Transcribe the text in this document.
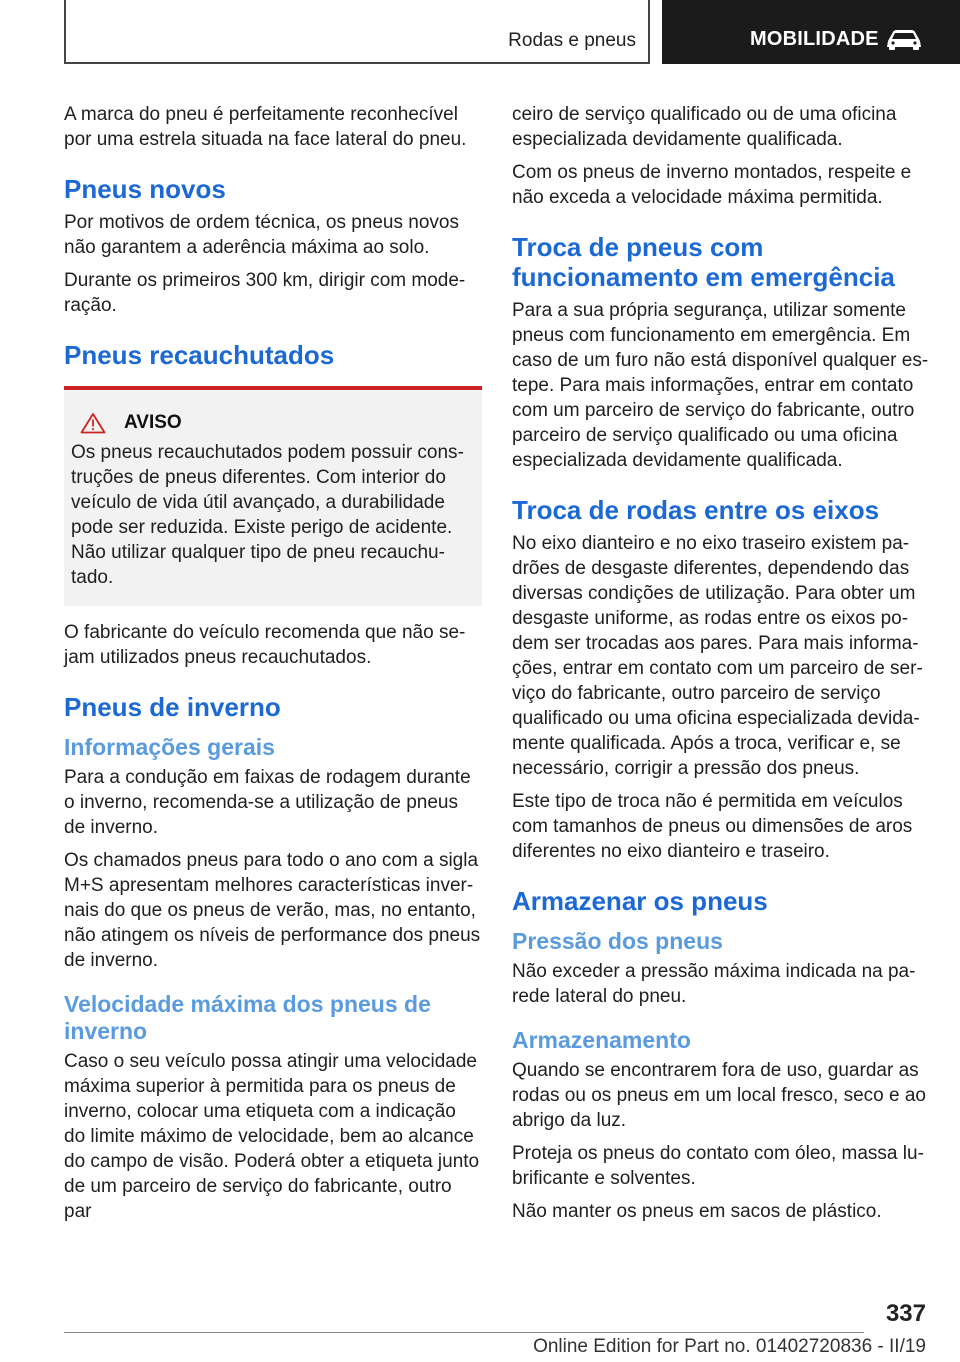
Rodas e pneus	MOBILIDADE

A marca do pneu é perfeitamente reconhecível por uma estrela situada na face lateral do pneu.

Pneus novos

Por motivos de ordem técnica, os pneus novos não garantem a aderência máxima ao solo.

Durante os primeiros 300 km, dirigir com moderação.

Pneus recauchutados
AVISO

Os pneus recauchutados podem possuir construções de pneus diferentes. Com interior do veículo de vida útil avançado, a durabilidade pode ser reduzida. Existe perigo de acidente. Não utilizar qualquer tipo de pneu recauchutado.

O fabricante do veículo recomenda que não sejam utilizados pneus recauchutados.

Pneus de inverno
Informações gerais

Para a condução em faixas de rodagem durante o inverno, recomenda-se a utilização de pneus de inverno.

Os chamados pneus para todo o ano com a sigla M+S apresentam melhores características invernais do que os pneus de verão, mas, no entanto, não atingem os níveis de performance dos pneus de inverno.

Velocidade máxima dos pneus de inverno

Caso o seu veículo possa atingir uma velocidade máxima superior à permitida para os pneus de inverno, colocar uma etiqueta com a indicação do limite máximo de velocidade, bem ao alcance do campo de visão. Poderá obter a etiqueta junto de um parceiro de serviço do fabricante, outro par

ceiro de serviço qualificado ou de uma oficina especializada devidamente qualificada.

Com os pneus de inverno montados, respeite e não exceda a velocidade máxima permitida.

Troca de pneus com funcionamento em emergência

Para a sua própria segurança, utilizar somente pneus com funcionamento em emergência. Em caso de um furo não está disponível qualquer estepe. Para mais informações, entrar em contato com um parceiro de serviço do fabricante, outro parceiro de serviço qualificado ou uma oficina especializada devidamente qualificada.

Troca de rodas entre os eixos

No eixo dianteiro e no eixo traseiro existem padrões de desgaste diferentes, dependendo das diversas condições de utilização. Para obter um desgaste uniforme, as rodas entre os eixos podem ser trocadas aos pares. Para mais informações, entrar em contato com um parceiro de serviço do fabricante, outro parceiro de serviço qualificado ou uma oficina especializada devidamente qualificada. Após a troca, verificar e, se necessário, corrigir a pressão dos pneus.

Este tipo de troca não é permitida em veículos com tamanhos de pneus ou dimensões de aros diferentes no eixo dianteiro e traseiro.

Armazenar os pneus
Pressão dos pneus

Não exceder a pressão máxima indicada na parede lateral do pneu.

Armazenamento

Quando se encontrarem fora de uso, guardar as rodas ou os pneus em um local fresco, seco e ao abrigo da luz.

Proteja os pneus do contato com óleo, massa lubrificante e solventes.

Não manter os pneus em sacos de plástico.

337
Online Edition for Part no. 01402720836 - II/19
